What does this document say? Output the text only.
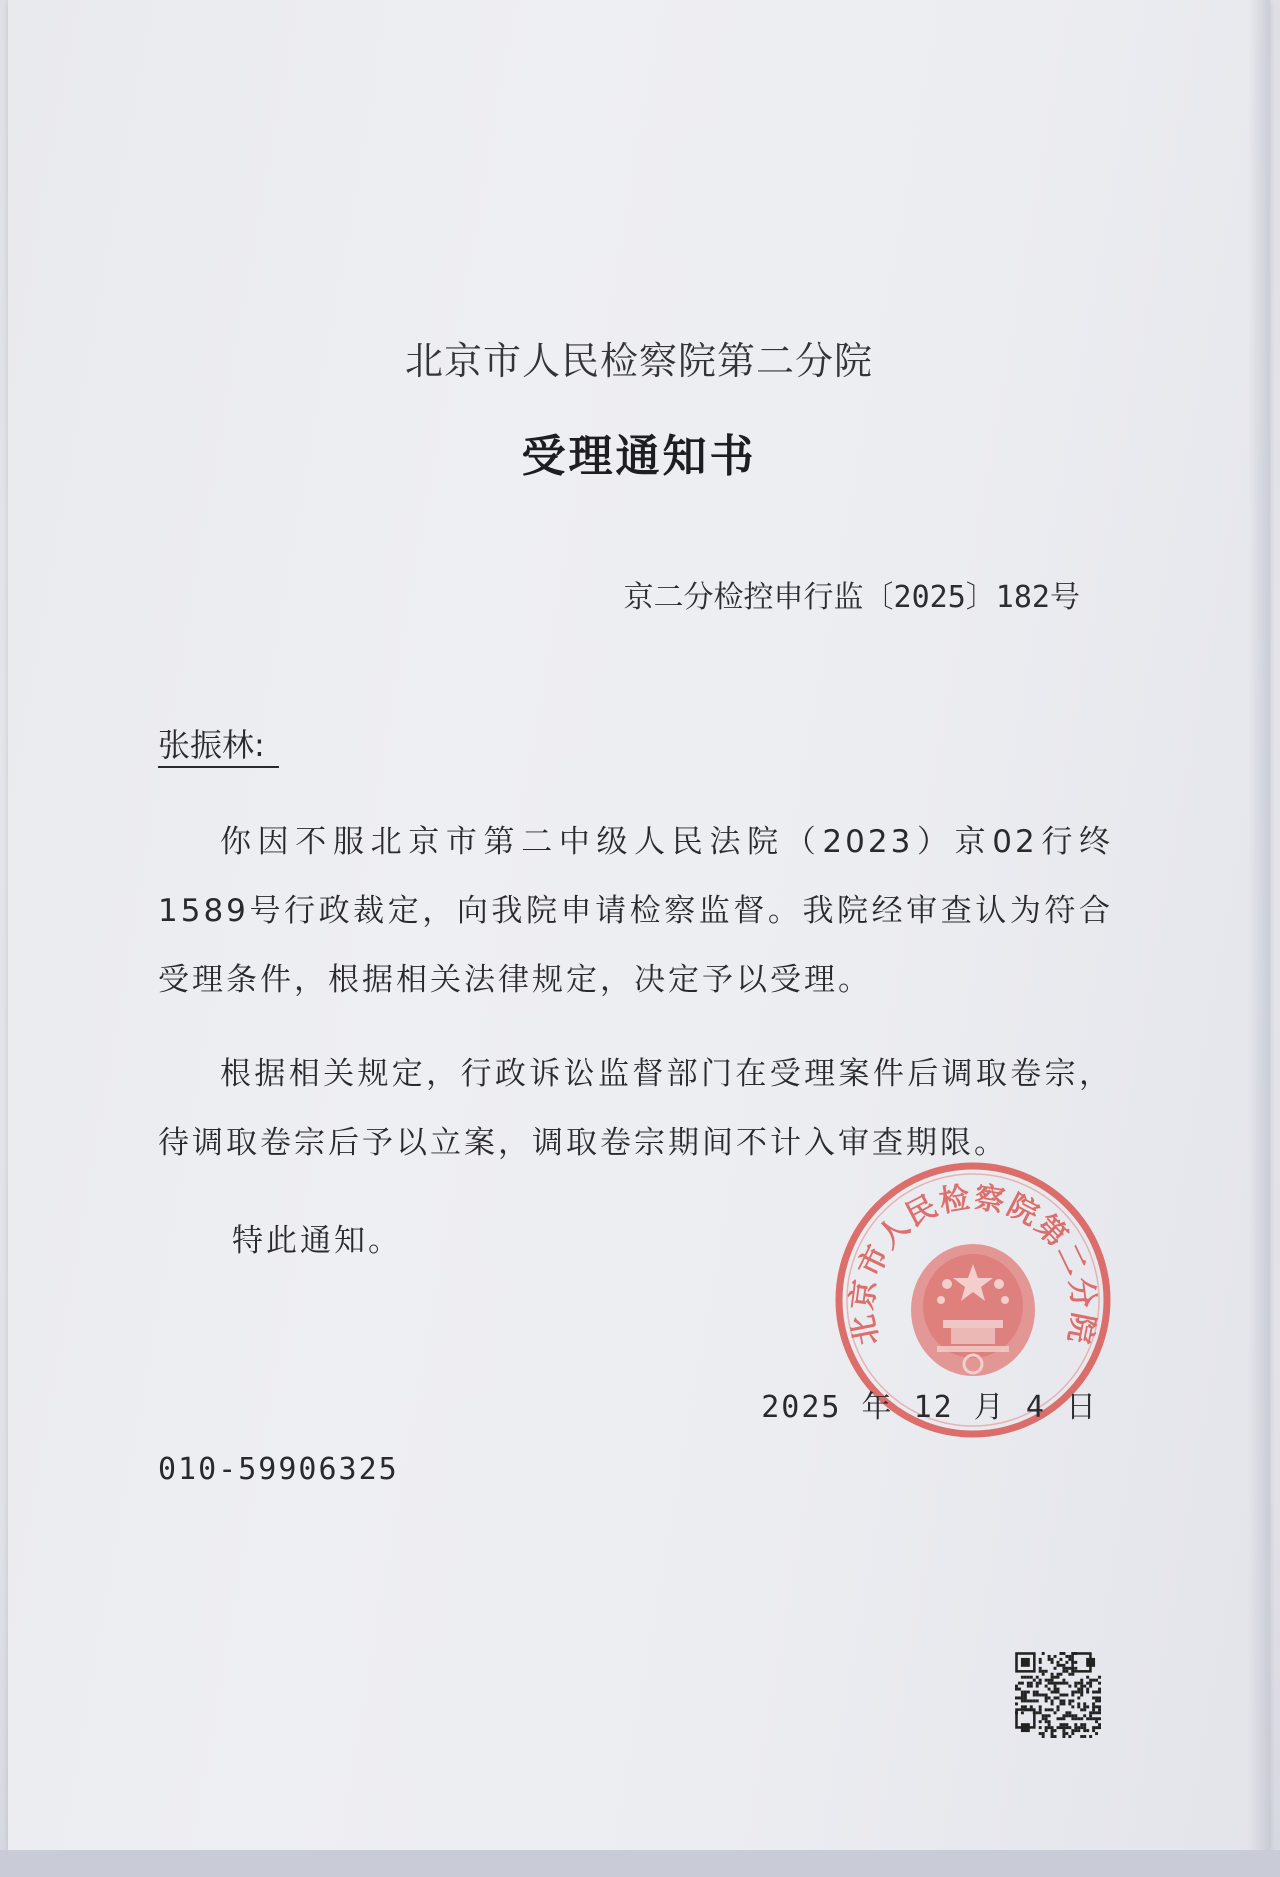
北京市人民检察院第二分院
受理通知书
京二分检控申行监〔2025〕182号
张振林:
你因不服北京市第二中级人民法院（2023）京02行终1589号行政裁定，向我院申请检察监督。我院经审查认为符合受理条件，根据相关法律规定，决定予以受理。
根据相关规定，行政诉讼监督部门在受理案件后调取卷宗，待调取卷宗后予以立案，调取卷宗期间不计入审查期限。
特此通知。
北京市人民检察院第二分院
2025 年 12 月 4 日
010-59906325
